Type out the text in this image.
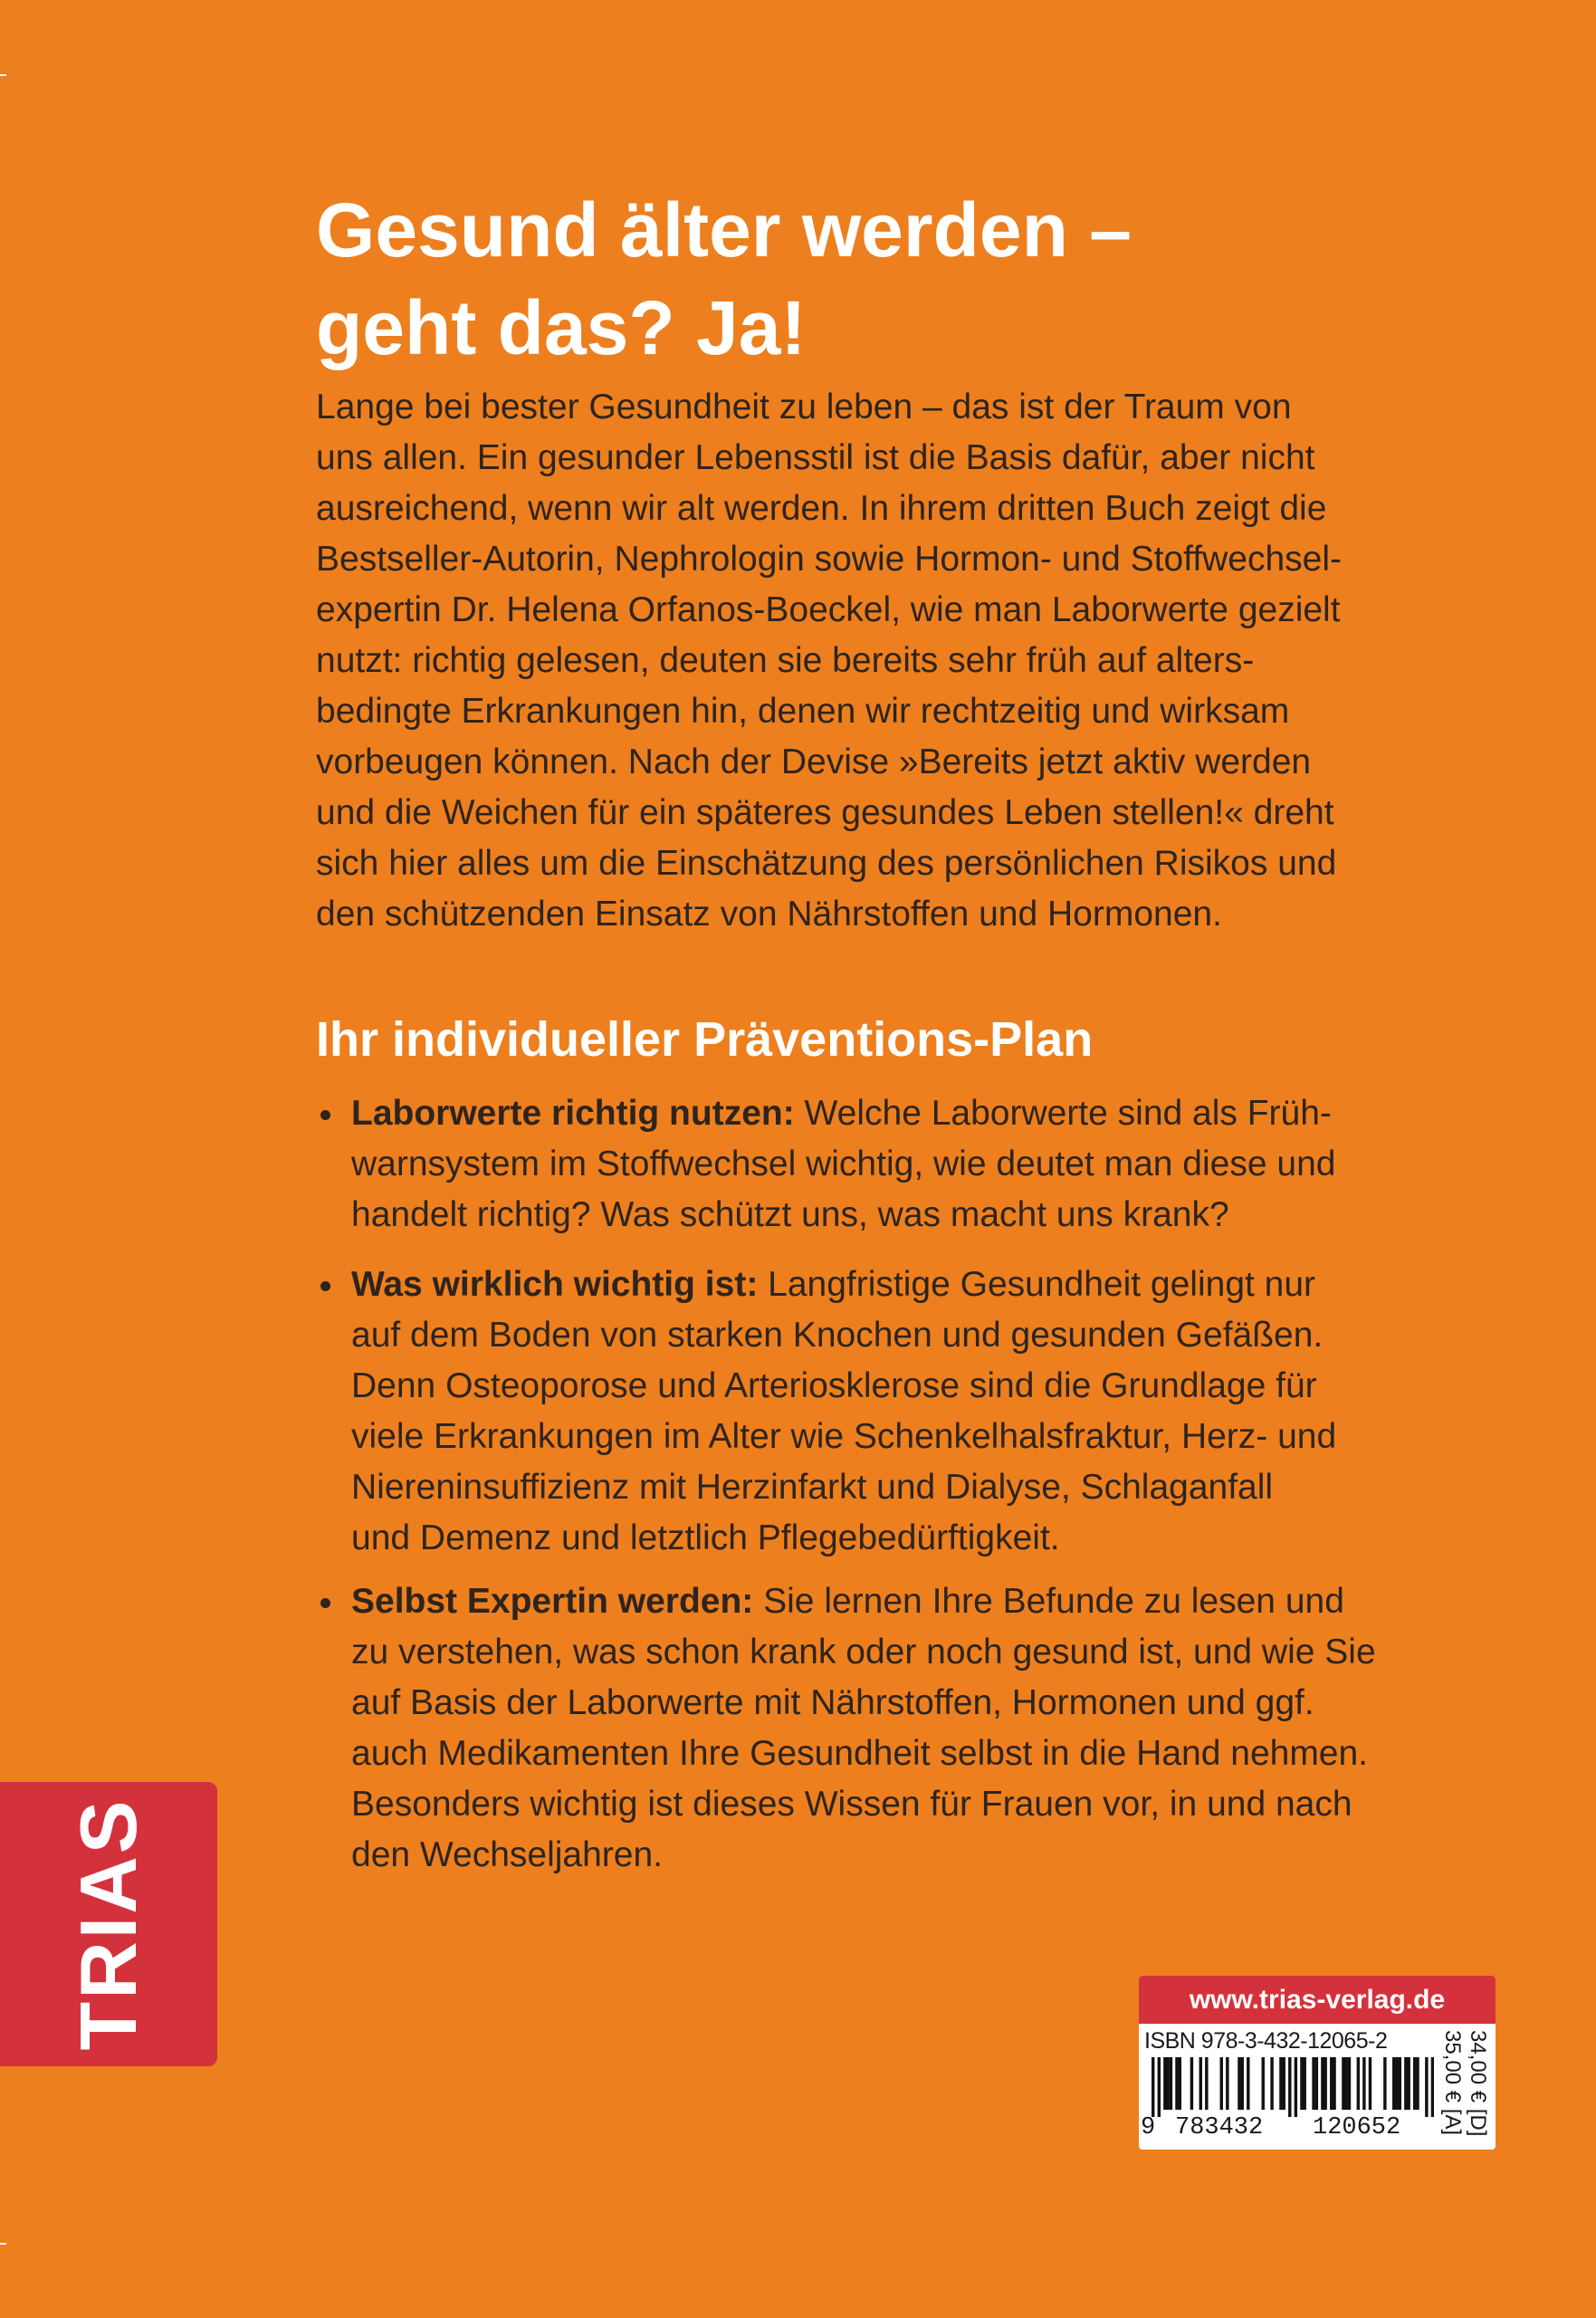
Gesund älter werden –
geht das? Ja!
Lange bei bester Gesundheit zu leben – das ist der Traum von
uns allen. Ein gesunder Lebensstil ist die Basis dafür, aber nicht
ausreichend, wenn wir alt werden. In ihrem dritten Buch zeigt die
Bestseller-Autorin, Nephrologin sowie Hormon- und Stoffwechsel-
expertin Dr. Helena Orfanos-Boeckel, wie man Laborwerte gezielt
nutzt: richtig gelesen, deuten sie bereits sehr früh auf alters-
bedingte Erkrankungen hin, denen wir rechtzeitig und wirksam
vorbeugen können. Nach der Devise »Bereits jetzt aktiv werden
und die Weichen für ein späteres gesundes Leben stellen!« dreht
sich hier alles um die Einschätzung des persönlichen Risikos und
den schützenden Einsatz von Nährstoffen und Hormonen.
Ihr individueller Präventions-Plan
Laborwerte richtig nutzen: Welche Laborwerte sind als Früh-
warnsystem im Stoffwechsel wichtig, wie deutet man diese und
handelt richtig? Was schützt uns, was macht uns krank?
Was wirklich wichtig ist: Langfristige Gesundheit gelingt nur
auf dem Boden von starken Knochen und gesunden Gefäßen.
Denn Osteoporose und Arteriosklerose sind die Grundlage für
viele Erkrankungen im Alter wie Schenkelhalsfraktur, Herz- und
Niereninsuffizienz mit Herzinfarkt und Dialyse, Schlaganfall
und Demenz und letztlich Pflegebedürftigkeit.
Selbst Expertin werden: Sie lernen Ihre Befunde zu lesen und
zu verstehen, was schon krank oder noch gesund ist, und wie Sie
auf Basis der Laborwerte mit Nährstoffen, Hormonen und ggf.
auch Medikamenten Ihre Gesundheit selbst in die Hand nehmen.
Besonders wichtig ist dieses Wissen für Frauen vor, in und nach
den Wechseljahren.
TRIAS	www.trias-verlag.de
ISBN 978-3-432-12065-2
9 783432 120652	34,00 € [D]
35,00 € [A]
